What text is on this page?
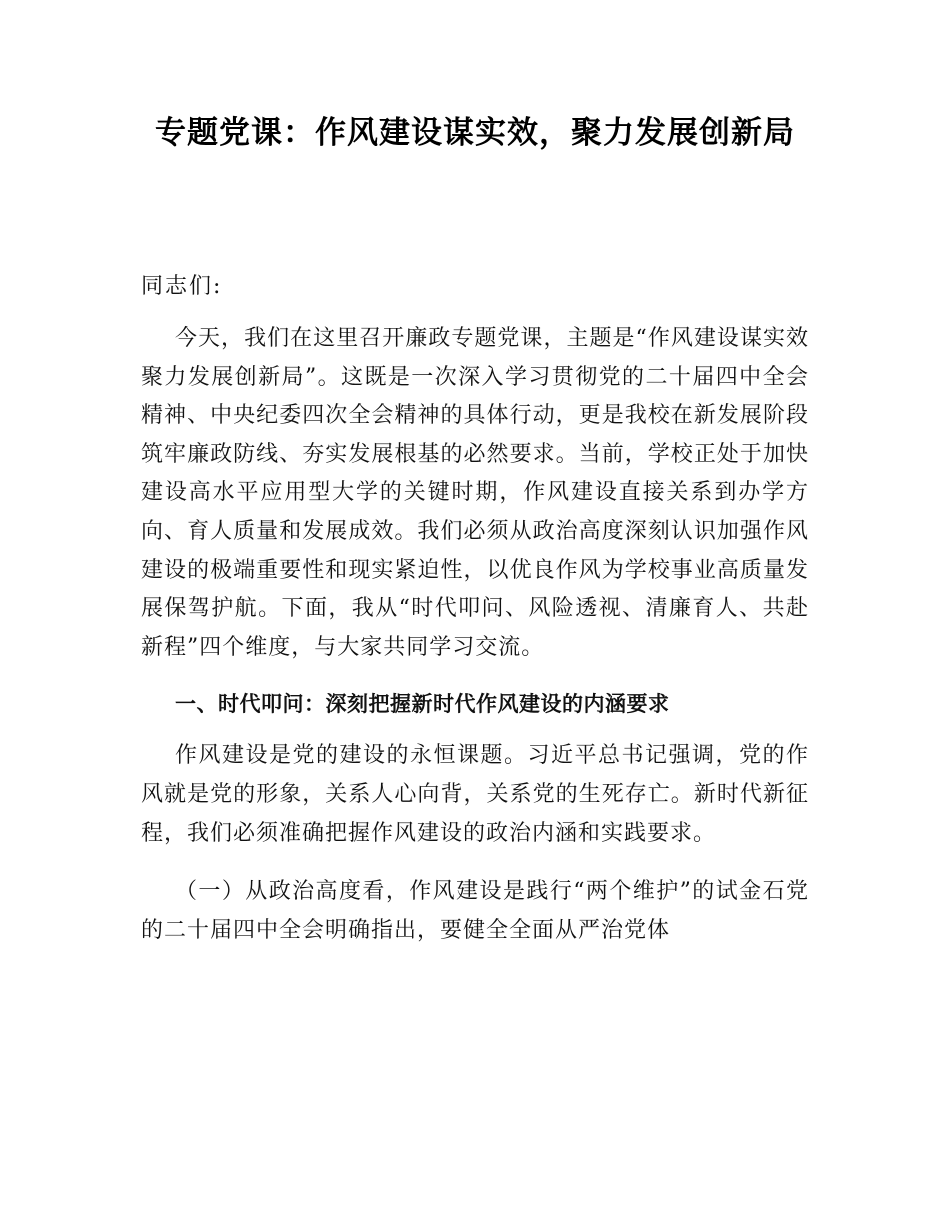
专题党课：作风建设谋实效，聚力发展创新局

同志们:

今天，我们在这里召开廉政专题党课，主题是“作风建设谋实效聚力发展创新局”。这既是一次深入学习贯彻党的二十届四中全会精神、中央纪委四次全会精神的具体行动，更是我校在新发展阶段筑牢廉政防线、夯实发展根基的必然要求。当前，学校正处于加快建设高水平应用型大学的关键时期，作风建设直接关系到办学方向、育人质量和发展成效。我们必须从政治高度深刻认识加强作风建设的极端重要性和现实紧迫性，以优良作风为学校事业高质量发展保驾护航。下面，我从“时代叩问、风险透视、清廉育人、共赴新程”四个维度，与大家共同学习交流。

一、时代叩问：深刻把握新时代作风建设的内涵要求

作风建设是党的建设的永恒课题。习近平总书记强调，党的作风就是党的形象，关系人心向背，关系党的生死存亡。新时代新征程，我们必须准确把握作风建设的政治内涵和实践要求。

（一）从政治高度看，作风建设是践行“两个维护”的试金石党的二十届四中全会明确指出，要健全全面从严治党体
